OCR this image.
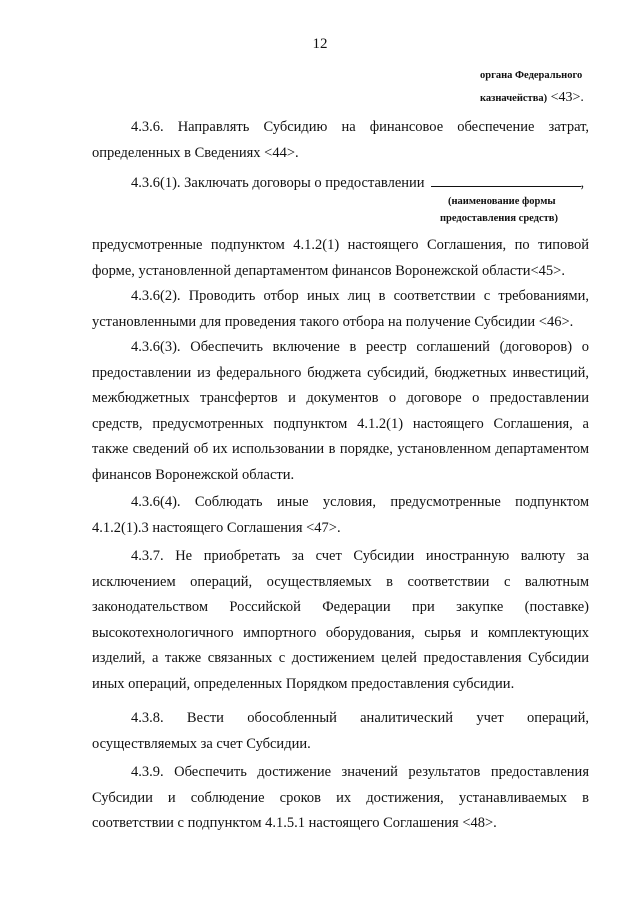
12
органа Федерального
казначейства) <43>.
4.3.6. Направлять Субсидию на финансовое обеспечение затрат, определенных в Сведениях <44>.
4.3.6(1). Заключать договоры о предоставлении	,
(наименование формы
предоставления средств)
предусмотренные подпунктом 4.1.2(1) настоящего Соглашения, по типовой форме, установленной департаментом финансов Воронежской области<45>.
4.3.6(2). Проводить отбор иных лиц в соответствии с требованиями, установленными для проведения такого отбора на получение Субсидии <46>.
4.3.6(3). Обеспечить включение в реестр соглашений (договоров) о предоставлении из федерального бюджета субсидий, бюджетных инвестиций, межбюджетных трансфертов и документов о договоре о предоставлении средств, предусмотренных подпунктом 4.1.2(1) настоящего Соглашения, а также сведений об их использовании в порядке, установленном департаментом финансов Воронежской области.
4.3.6(4). Соблюдать иные условия, предусмотренные подпунктом 4.1.2(1).3 настоящего Соглашения <47>.
4.3.7. Не приобретать за счет Субсидии иностранную валюту за исключением операций, осуществляемых в соответствии с валютным законодательством Российской Федерации при закупке (поставке) высокотехнологичного импортного оборудования, сырья и комплектующих изделий, а также связанных с достижением целей предоставления Субсидии иных операций, определенных Порядком предоставления субсидии.
4.3.8. Вести обособленный аналитический учет операций, осуществляемых за счет Субсидии.
4.3.9. Обеспечить достижение значений результатов предоставления Субсидии и соблюдение сроков их достижения, устанавливаемых в соответствии с подпунктом 4.1.5.1 настоящего Соглашения <48>.
